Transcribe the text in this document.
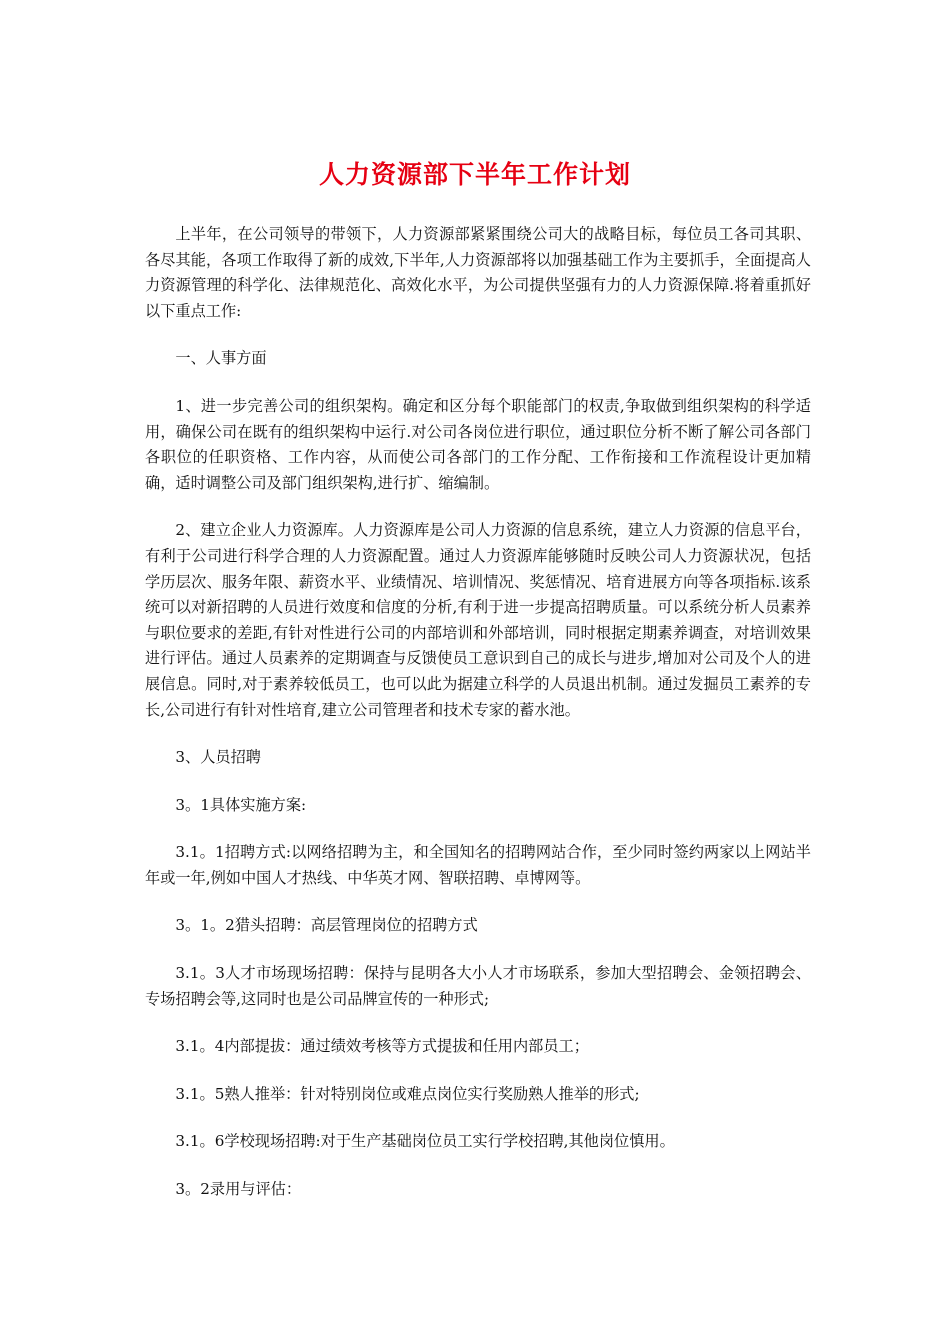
人力资源部下半年工作计划

上半年，在公司领导的带领下，人力资源部紧紧围绕公司大的战略目标，每位员工各司其职、各尽其能，各项工作取得了新的成效,下半年,人力资源部将以加强基础工作为主要抓手，全面提高人力资源管理的科学化、法律规范化、高效化水平，为公司提供坚强有力的人力资源保障.将着重抓好以下重点工作:

一、人事方面

1、进一步完善公司的组织架构。确定和区分每个职能部门的权责,争取做到组织架构的科学适用，确保公司在既有的组织架构中运行.对公司各岗位进行职位，通过职位分析不断了解公司各部门各职位的任职资格、工作内容，从而使公司各部门的工作分配、工作衔接和工作流程设计更加精确，适时调整公司及部门组织架构,进行扩、缩编制。

2、建立企业人力资源库。人力资源库是公司人力资源的信息系统，建立人力资源的信息平台，有利于公司进行科学合理的人力资源配置。通过人力资源库能够随时反映公司人力资源状况，包括学历层次、服务年限、薪资水平、业绩情况、培训情况、奖惩情况、培育进展方向等各项指标.该系统可以对新招聘的人员进行效度和信度的分析,有利于进一步提高招聘质量。可以系统分析人员素养与职位要求的差距,有针对性进行公司的内部培训和外部培训，同时根据定期素养调查，对培训效果进行评估。通过人员素养的定期调查与反馈使员工意识到自己的成长与进步,增加对公司及个人的进展信息。同时,对于素养较低员工，也可以此为据建立科学的人员退出机制。通过发掘员工素养的专长,公司进行有针对性培育,建立公司管理者和技术专家的蓄水池。

3、人员招聘

3。1具体实施方案:

3.1。1招聘方式:以网络招聘为主，和全国知名的招聘网站合作，至少同时签约两家以上网站半年或一年,例如中国人才热线、中华英才网、智联招聘、卓博网等。

3。1。2猎头招聘：高层管理岗位的招聘方式

3.1。3人才市场现场招聘：保持与昆明各大小人才市场联系，参加大型招聘会、金领招聘会、专场招聘会等,这同时也是公司品牌宣传的一种形式;

3.1。4内部提拔：通过绩效考核等方式提拔和任用内部员工；

3.1。5熟人推举：针对特别岗位或难点岗位实行奖励熟人推举的形式;

3.1。6学校现场招聘:对于生产基础岗位员工实行学校招聘,其他岗位慎用。

3。2录用与评估：
